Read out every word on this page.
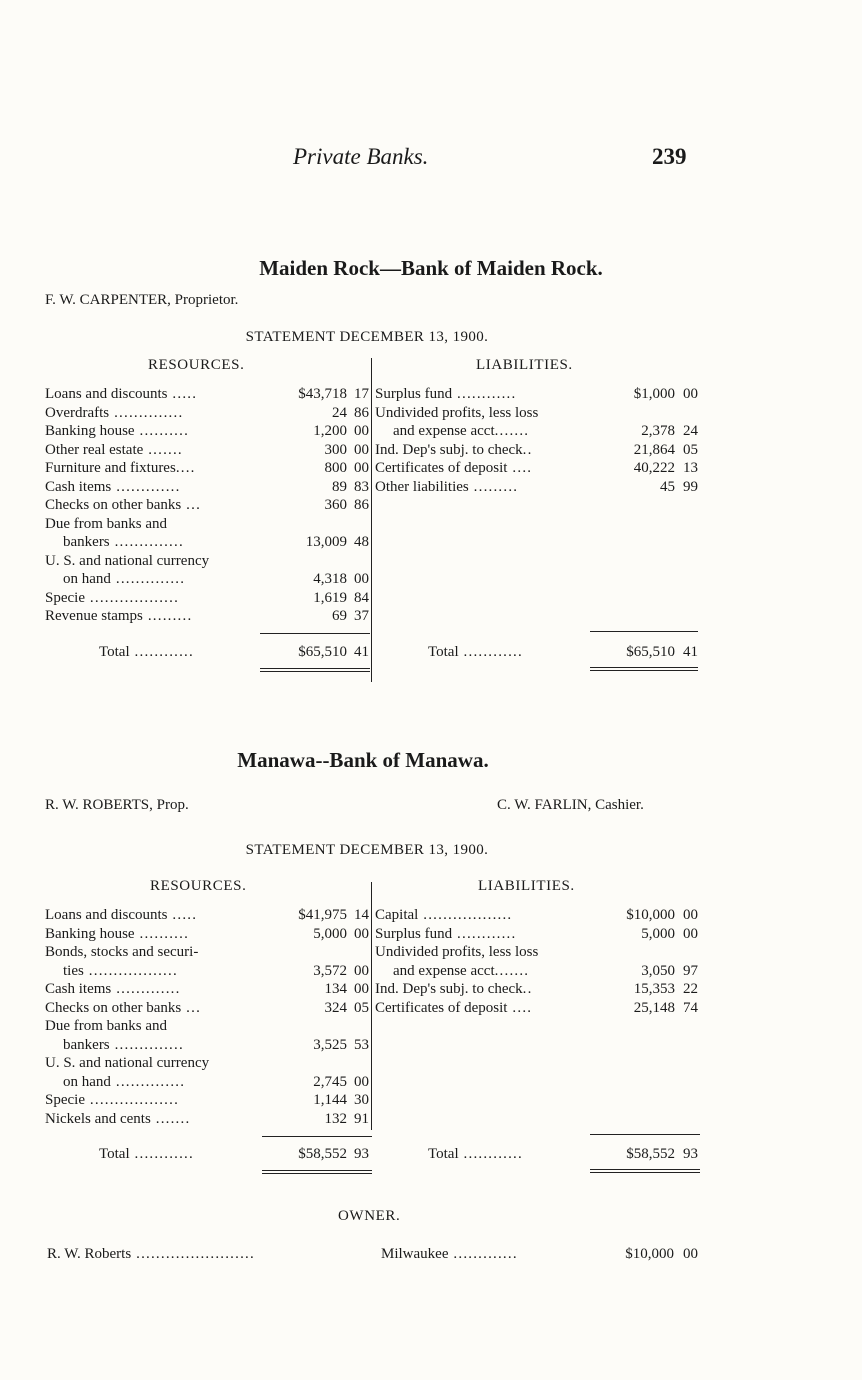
Private Banks.	239
Maiden Rock—Bank of Maiden Rock.
F. W. CARPENTER, Proprietor.
STATEMENT DECEMBER 13, 1900.
RESOURCES.	LIABILITIES.
Loans and discounts .....	$43,718 17
Overdrafts ..............	24 86
Banking house ..........	1,200 00
Other real estate .......	300 00
Furniture and fixtures....	800 00
Cash items .............	89 83
Checks on other banks ...	360 86
Due from banks and
bankers ..............	13,009 48
U. S. and national currency
on hand ..............	4,318 00
Specie ..................	1,619 84
Revenue stamps .........	69 37
Surplus fund ............	$1,000 00
Undivided profits, less loss
and expense acct.......	2,378 24
Ind. Dep's subj. to check..	21,864 05
Certificates of deposit ....	40,222 13
Other liabilities .........	45 99
Total ............	$65,510 41	Total ............	$65,510 41
Manawa--Bank of Manawa.
R. W. ROBERTS, Prop.	C. W. FARLIN, Cashier.
STATEMENT DECEMBER 13, 1900.
RESOURCES.	LIABILITIES.
Loans and discounts .....	$41,975 14
Banking house ..........	5,000 00
Bonds, stocks and securi-
ties ..................	3,572 00
Cash items .............	134 00
Checks on other banks ...	324 05
Due from banks and
bankers ..............	3,525 53
U. S. and national currency
on hand ..............	2,745 00
Specie ..................	1,144 30
Nickels and cents .......	132 91
Capital ..................	$10,000 00
Surplus fund ............	5,000 00
Undivided profits, less loss
and expense acct.......	3,050 97
Ind. Dep's subj. to check..	15,353 22
Certificates of deposit ....	25,148 74
Total ............	$58,552 93	Total ............	$58,552 93
OWNER.
R. W. Roberts ........................	Milwaukee .............	$10,000 00
